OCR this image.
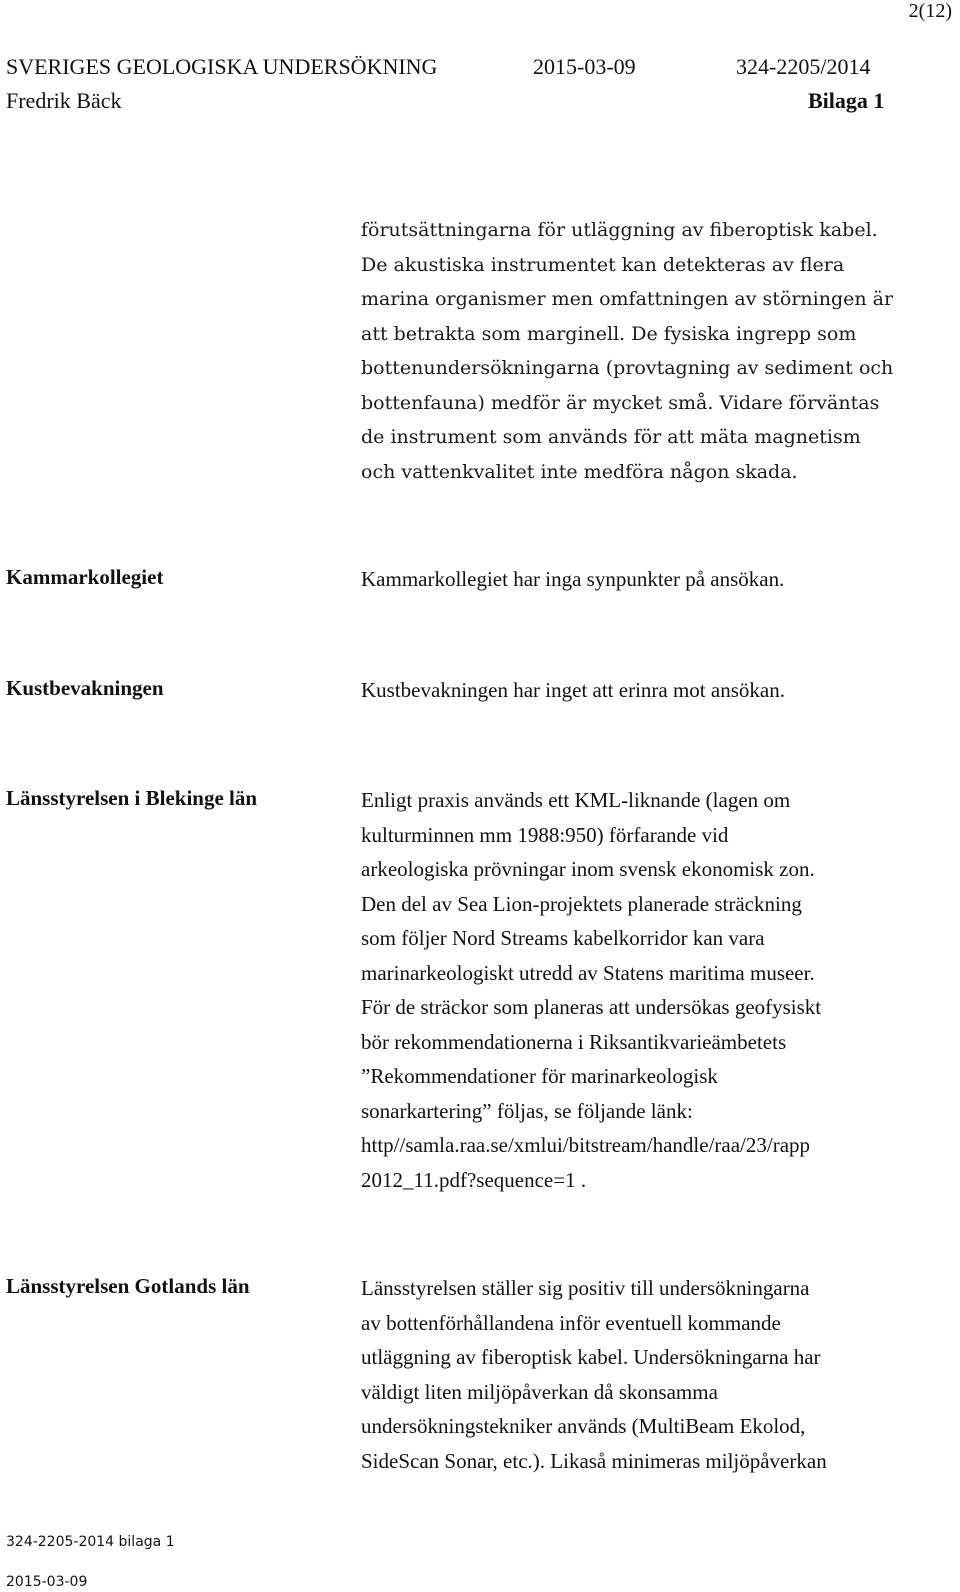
2(12)
SVERIGES GEOLOGISKA UNDERSÖKNING	2015-03-09	324-2205/2014
Fredrik Bäck	Bilaga 1
förutsättningarna för utläggning av fiberoptisk kabel.
De akustiska instrumentet kan detekteras av flera
marina organismer men omfattningen av störningen är
att betrakta som marginell. De fysiska ingrepp som
bottenundersökningarna (provtagning av sediment och
bottenfauna) medför är mycket små. Vidare förväntas
de instrument som används för att mäta magnetism
och vattenkvalitet inte medföra någon skada.
Kammarkollegiet	Kammarkollegiet har inga synpunkter på ansökan.
Kustbevakningen	Kustbevakningen har inget att erinra mot ansökan.
Länsstyrelsen i Blekinge län	Enligt praxis används ett KML-liknande (lagen om
kulturminnen mm 1988:950) förfarande vid
arkeologiska prövningar inom svensk ekonomisk zon.
Den del av Sea Lion-projektets planerade sträckning
som följer Nord Streams kabelkorridor kan vara
marinarkeologiskt utredd av Statens maritima museer.
För de sträckor som planeras att undersökas geofysiskt
bör rekommendationerna i Riksantikvarieämbetets
”Rekommendationer för marinarkeologisk
sonarkartering” följas, se följande länk:
http//samla.raa.se/xmlui/bitstream/handle/raa/23/rapp
2012_11.pdf?sequence=1 .
Länsstyrelsen Gotlands län	Länsstyrelsen ställer sig positiv till undersökningarna
av bottenförhållandena inför eventuell kommande
utläggning av fiberoptisk kabel. Undersökningarna har
väldigt liten miljöpåverkan då skonsamma
undersökningstekniker används (MultiBeam Ekolod,
SideScan Sonar, etc.). Likaså minimeras miljöpåverkan
324-2205-2014 bilaga 1
2015-03-09
